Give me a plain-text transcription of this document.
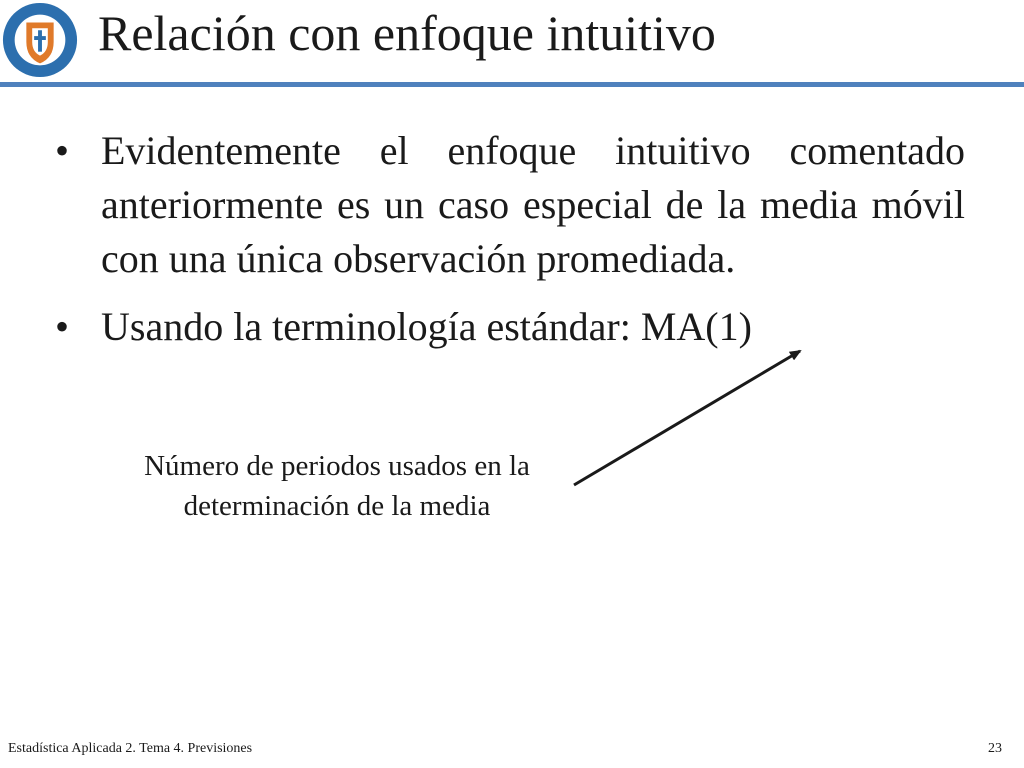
Relación con enfoque intuitivo
• Evidentemente el enfoque intuitivo comentado anteriormente es un caso especial de la media móvil con una única observación promediada.
• Usando la terminología estándar: MA(1)

Número de periodos usados en la determinación de la media

Estadística Aplicada 2. Tema 4. Previsiones	23
